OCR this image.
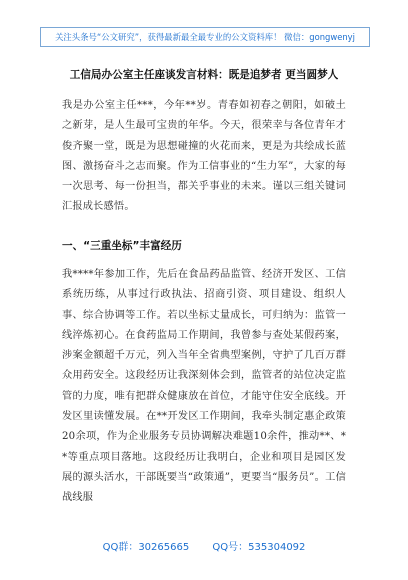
关注头条号“公文研究”，获得最新最全最专业的公文资料库！ 微信：gongwenyj
工信局办公室主任座谈发言材料：既是追梦者 更当圆梦人

我是办公室主任***，今年**岁。青春如初春之朝阳，如破土之新芽，是人生最可宝贵的年华。今天，很荣幸与各位青年才俊齐聚一堂，既是为思想碰撞的火花而来，更是为共绘成长蓝图、激扬奋斗之志而聚。作为工信事业的“生力军”，大家的每一次思考、每一份担当，都关乎事业的未来。谨以三组关键词汇报成长感悟。

一、“三重坐标”丰富经历

我****年参加工作，先后在食品药品监管、经济开发区、工信系统历练，从事过行政执法、招商引资、项目建设、组织人事、综合协调等工作。若以坐标丈量成长，可归纳为：监管一线淬炼初心。在食药监局工作期间，我曾参与查处某假药案，涉案金额超千万元，列入当年全省典型案例，守护了几百万群众用药安全。这段经历让我深刻体会到，监管者的站位决定监管的力度，唯有把群众健康放在首位，才能守住安全底线。开发区里读懂发展。在**开发区工作期间，我牵头制定惠企政策20余项，作为企业服务专员协调解决难题10余件，推动**、**等重点项目落地。这段经历让我明白，企业和项目是园区发展的源头活水，干部既要当“政策通”，更要当“服务员”。工信战线服

QQ群：30265665 QQ号：535304092
